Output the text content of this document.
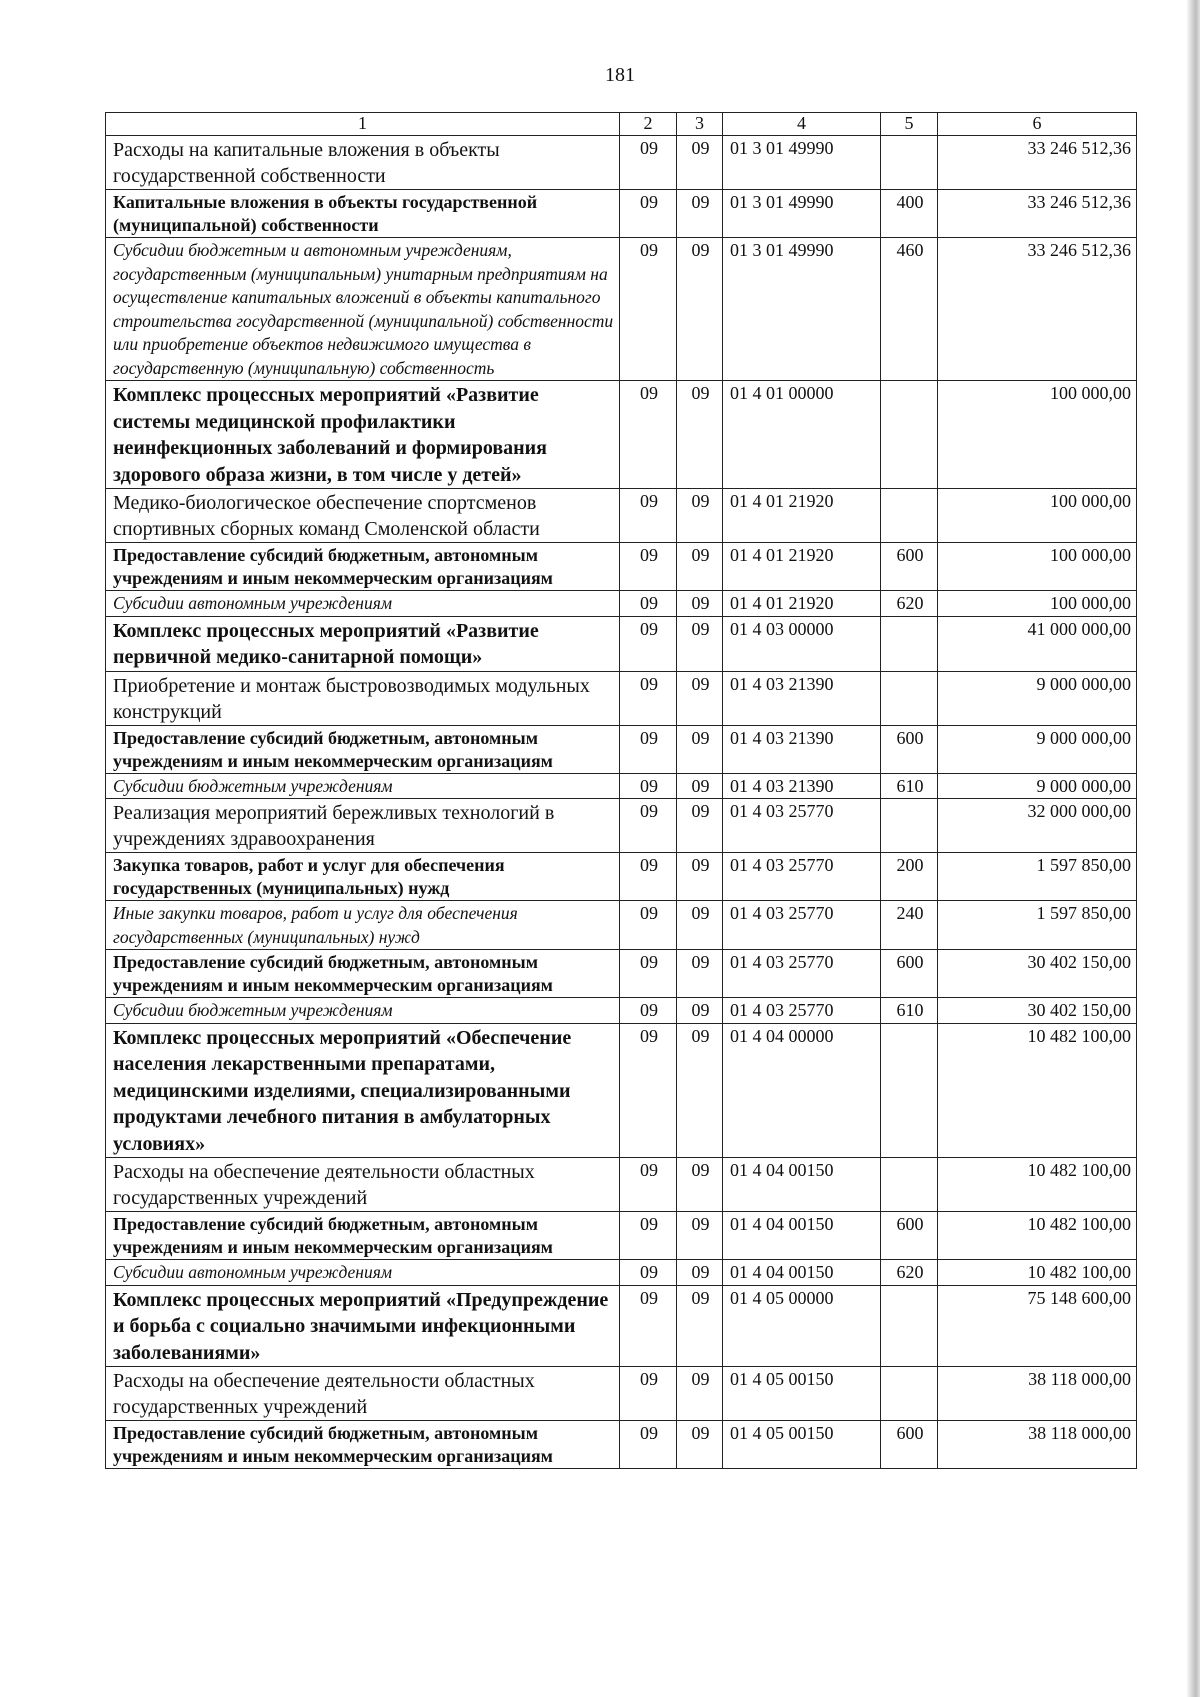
181
1	2	3	4	5	6
Расходы на капитальные вложения в объекты государственной собственности	09	09	01 3 01 49990		33 246 512,36
Капитальные вложения в объекты государственной (муниципальной) собственности	09	09	01 3 01 49990	400	33 246 512,36
Субсидии бюджетным и автономным учреждениям, государственным (муниципальным) унитарным предприятиям на осуществление капитальных вложений в объекты капитального строительства государственной (муниципальной) собственности или приобретение объектов недвижимого имущества в государственную (муниципальную) собственность	09	09	01 3 01 49990	460	33 246 512,36
Комплекс процессных мероприятий «Развитие системы медицинской профилактики неинфекционных заболеваний и формирования здорового образа жизни, в том числе у детей»	09	09	01 4 01 00000		100 000,00
Медико-биологическое обеспечение спортсменов спортивных сборных команд Смоленской области	09	09	01 4 01 21920		100 000,00
Предоставление субсидий бюджетным, автономным учреждениям и иным некоммерческим организациям	09	09	01 4 01 21920	600	100 000,00
Субсидии автономным учреждениям	09	09	01 4 01 21920	620	100 000,00
Комплекс процессных мероприятий «Развитие первичной медико-санитарной помощи»	09	09	01 4 03 00000		41 000 000,00
Приобретение и монтаж быстровозводимых модульных конструкций	09	09	01 4 03 21390		9 000 000,00
Предоставление субсидий бюджетным, автономным учреждениям и иным некоммерческим организациям	09	09	01 4 03 21390	600	9 000 000,00
Субсидии бюджетным учреждениям	09	09	01 4 03 21390	610	9 000 000,00
Реализация мероприятий бережливых технологий в учреждениях здравоохранения	09	09	01 4 03 25770		32 000 000,00
Закупка товаров, работ и услуг для обеспечения государственных (муниципальных) нужд	09	09	01 4 03 25770	200	1 597 850,00
Иные закупки товаров, работ и услуг для обеспечения государственных (муниципальных) нужд	09	09	01 4 03 25770	240	1 597 850,00
Предоставление субсидий бюджетным, автономным учреждениям и иным некоммерческим организациям	09	09	01 4 03 25770	600	30 402 150,00
Субсидии бюджетным учреждениям	09	09	01 4 03 25770	610	30 402 150,00
Комплекс процессных мероприятий «Обеспечение населения лекарственными препаратами, медицинскими изделиями, специализированными продуктами лечебного питания в амбулаторных условиях»	09	09	01 4 04 00000		10 482 100,00
Расходы на обеспечение деятельности областных государственных учреждений	09	09	01 4 04 00150		10 482 100,00
Предоставление субсидий бюджетным, автономным учреждениям и иным некоммерческим организациям	09	09	01 4 04 00150	600	10 482 100,00
Субсидии автономным учреждениям	09	09	01 4 04 00150	620	10 482 100,00
Комплекс процессных мероприятий «Предупреждение и борьба с социально значимыми инфекционными заболеваниями»	09	09	01 4 05 00000		75 148 600,00
Расходы на обеспечение деятельности областных государственных учреждений	09	09	01 4 05 00150		38 118 000,00
Предоставление субсидий бюджетным, автономным учреждениям и иным некоммерческим организациям	09	09	01 4 05 00150	600	38 118 000,00
